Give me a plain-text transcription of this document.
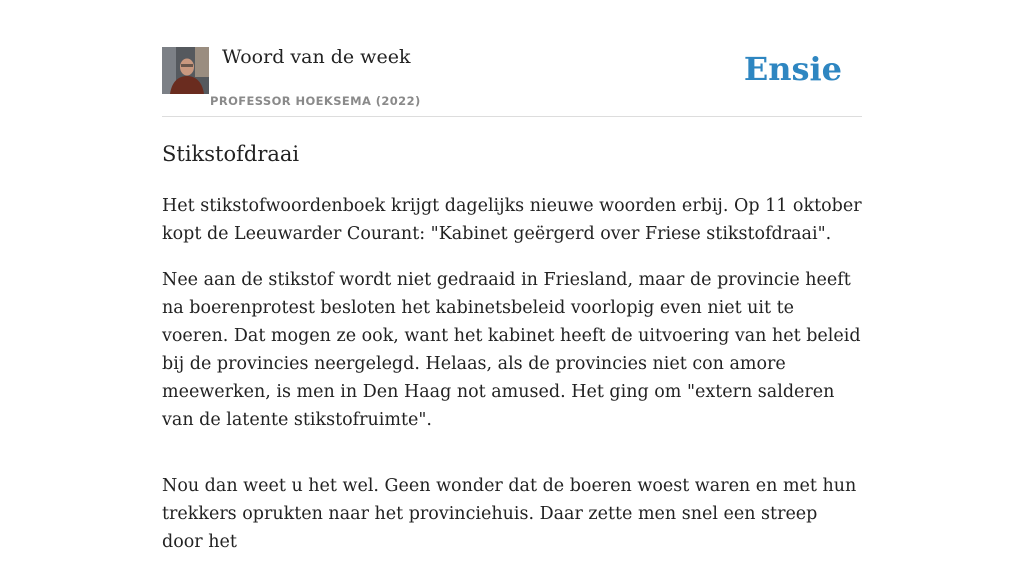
Woord van de week
PROFESSOR HOEKSEMA (2022)
Ensie
Stikstofdraai

Het stikstofwoordenboek krijgt dagelijks nieuwe woorden erbij. Op 11 oktober kopt de Leeuwarder Courant: "Kabinet geërgerd over Friese stikstofdraai".

Nee aan de stikstof wordt niet gedraaid in Friesland, maar de provincie heeft na boerenprotest besloten het kabinetsbeleid voorlopig even niet uit te voeren. Dat mogen ze ook, want het kabinet heeft de uitvoering van het beleid bij de provincies neergelegd. Helaas, als de provincies niet con amore meewerken, is men in Den Haag not amused. Het ging om "extern salderen van de latente stikstofruimte".

Nou dan weet u het wel. Geen wonder dat de boeren woest waren en met hun trekkers oprukten naar het provinciehuis. Daar zette men snel een streep door het
